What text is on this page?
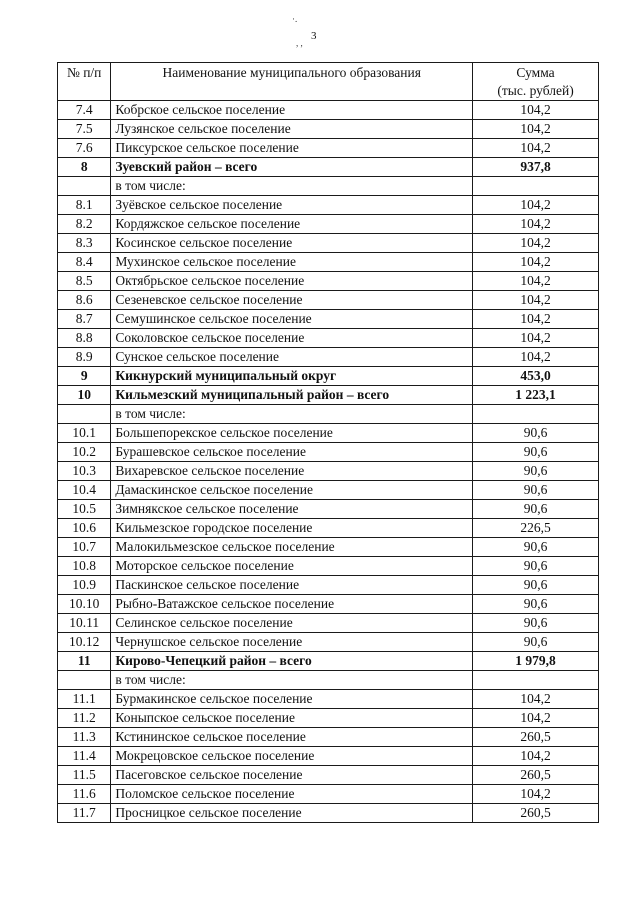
3
·.
, ,
№ п/п	Наименование муниципального образования	Сумма
(тыс. рублей)

7.4	Кобрское сельское поселение	104,2
7.5	Лузянское сельское поселение	104,2
7.6	Пиксурское сельское поселение	104,2
8	Зуевский район – всего	937,8
	в том числе:	
8.1	Зуёвское сельское поселение	104,2
8.2	Кордяжское сельское поселение	104,2
8.3	Косинское сельское поселение	104,2
8.4	Мухинское сельское поселение	104,2
8.5	Октябрьское сельское поселение	104,2
8.6	Сезеневское сельское поселение	104,2
8.7	Семушинское сельское поселение	104,2
8.8	Соколовское сельское поселение	104,2
8.9	Сунское сельское поселение	104,2
9	Кикнурский муниципальный округ	453,0
10	Кильмезский муниципальный район – всего	1 223,1
	в том числе:	
10.1	Большепорекское сельское поселение	90,6
10.2	Бурашевское сельское поселение	90,6
10.3	Вихаревское сельское поселение	90,6
10.4	Дамаскинское сельское поселение	90,6
10.5	Зимнякское сельское поселение	90,6
10.6	Кильмезское городское поселение	226,5
10.7	Малокильмезское сельское поселение	90,6
10.8	Моторское сельское поселение	90,6
10.9	Паскинское сельское поселение	90,6
10.10	Рыбно-Ватажское сельское поселение	90,6
10.11	Селинское сельское поселение	90,6
10.12	Чернушское сельское поселение	90,6
11	Кирово-Чепецкий район – всего	1 979,8
	в том числе:	
11.1	Бурмакинское сельское поселение	104,2
11.2	Коныпское сельское поселение	104,2
11.3	Кстининское сельское поселение	260,5
11.4	Мокрецовское сельское поселение	104,2
11.5	Пасеговское сельское поселение	260,5
11.6	Поломское сельское поселение	104,2
11.7	Просницкое сельское поселение	260,5
